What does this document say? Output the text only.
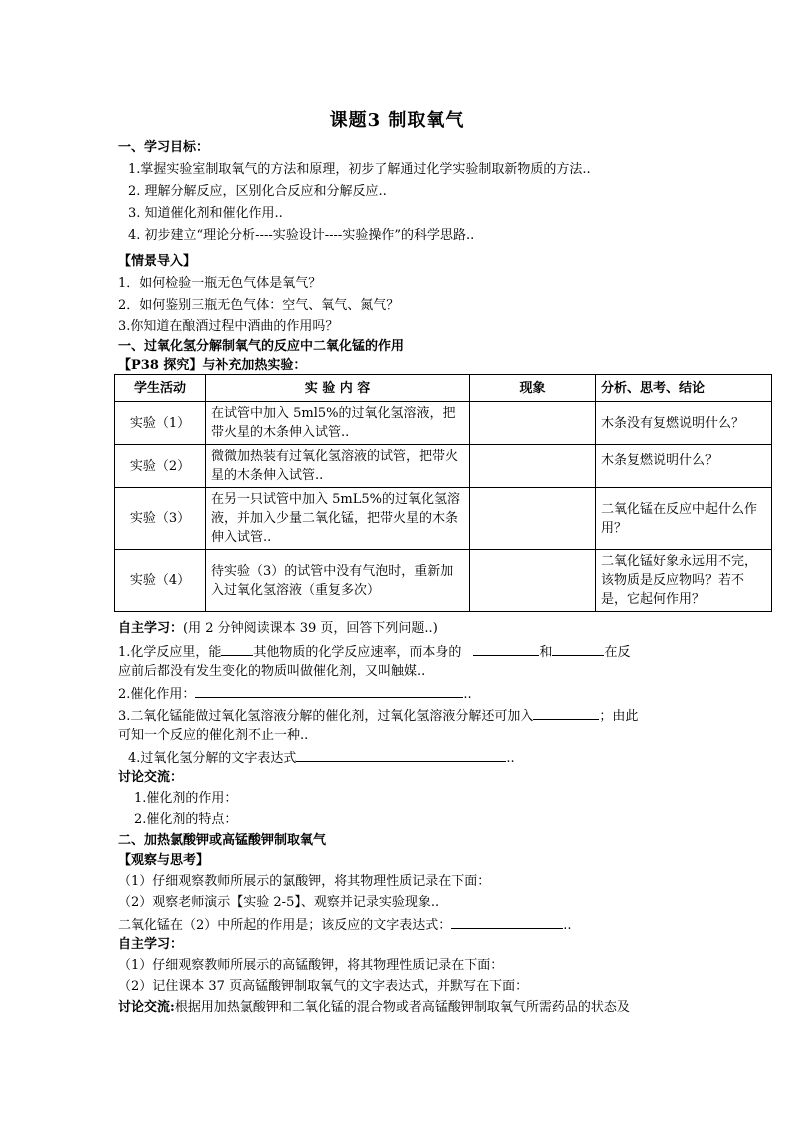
课题3 制取氧气
一、学习目标：
1.掌握实验室制取氧气的方法和原理，初步了解通过化学实验制取新物质的方法..
2. 理解分解反应，区别化合反应和分解反应..
3. 知道催化剂和催化作用..
4. 初步建立“理论分析----实验设计----实验操作”的科学思路..
【情景导入】
1．如何检验一瓶无色气体是氧气？
2．如何鉴别三瓶无色气体：空气、氧气、氮气？
3.你知道在酿酒过程中酒曲的作用吗？
一、过氧化氢分解制氧气的反应中二氧化锰的作用
【P38 探究】与补充加热实验：
学生活动	实 验 内 容	现象	分析、思考、结论
实验（1）	在试管中加入 5ml5%的过氧化氢溶液，把带火星的木条伸入试管..		木条没有复燃说明什么？
实验（2）	微微加热装有过氧化氢溶液的试管，把带火星的木条伸入试管..		木条复燃说明什么？
实验（3）	在另一只试管中加入 5mL5%的过氧化氢溶液，并加入少量二氧化锰，把带火星的木条伸入试管..		二氧化锰在反应中起什么作用？
实验（4）	待实验（3）的试管中没有气泡时，重新加入过氧化氢溶液（重复多次）		二氧化锰好象永远用不完，该物质是反应物吗？若不是，它起何作用？
自主学习：(用 2 分钟阅读课本 39 页，回答下列问题..)
1.化学反应里，能 其他物质的化学反应速率，而本身的	和	在反
应前后都没有发生变化的物质叫做催化剂，又叫触媒..
2.催化作用：	..
3.二氧化锰能做过氧化氢溶液分解的催化剂，过氧化氢溶液分解还可加入	；由此
可知一个反应的催化剂不止一种..
4.过氧化氢分解的文字表达式	..
讨论交流：
1.催化剂的作用：
2.催化剂的特点：
二、加热氯酸钾或高锰酸钾制取氧气
【观察与思考】
（1）仔细观察教师所展示的氯酸钾，将其物理性质记录在下面：
（2）观察老师演示【实验 2-5】、观察并记录实验现象..
二氧化锰在（2）中所起的作用是；该反应的文字表达式：	..
自主学习：
（1）仔细观察教师所展示的高锰酸钾，将其物理性质记录在下面：
（2）记住课本 37 页高锰酸钾制取氧气的文字表达式，并默写在下面：
讨论交流:根据用加热氯酸钾和二氧化锰的混合物或者高锰酸钾制取氧气所需药品的状态及
